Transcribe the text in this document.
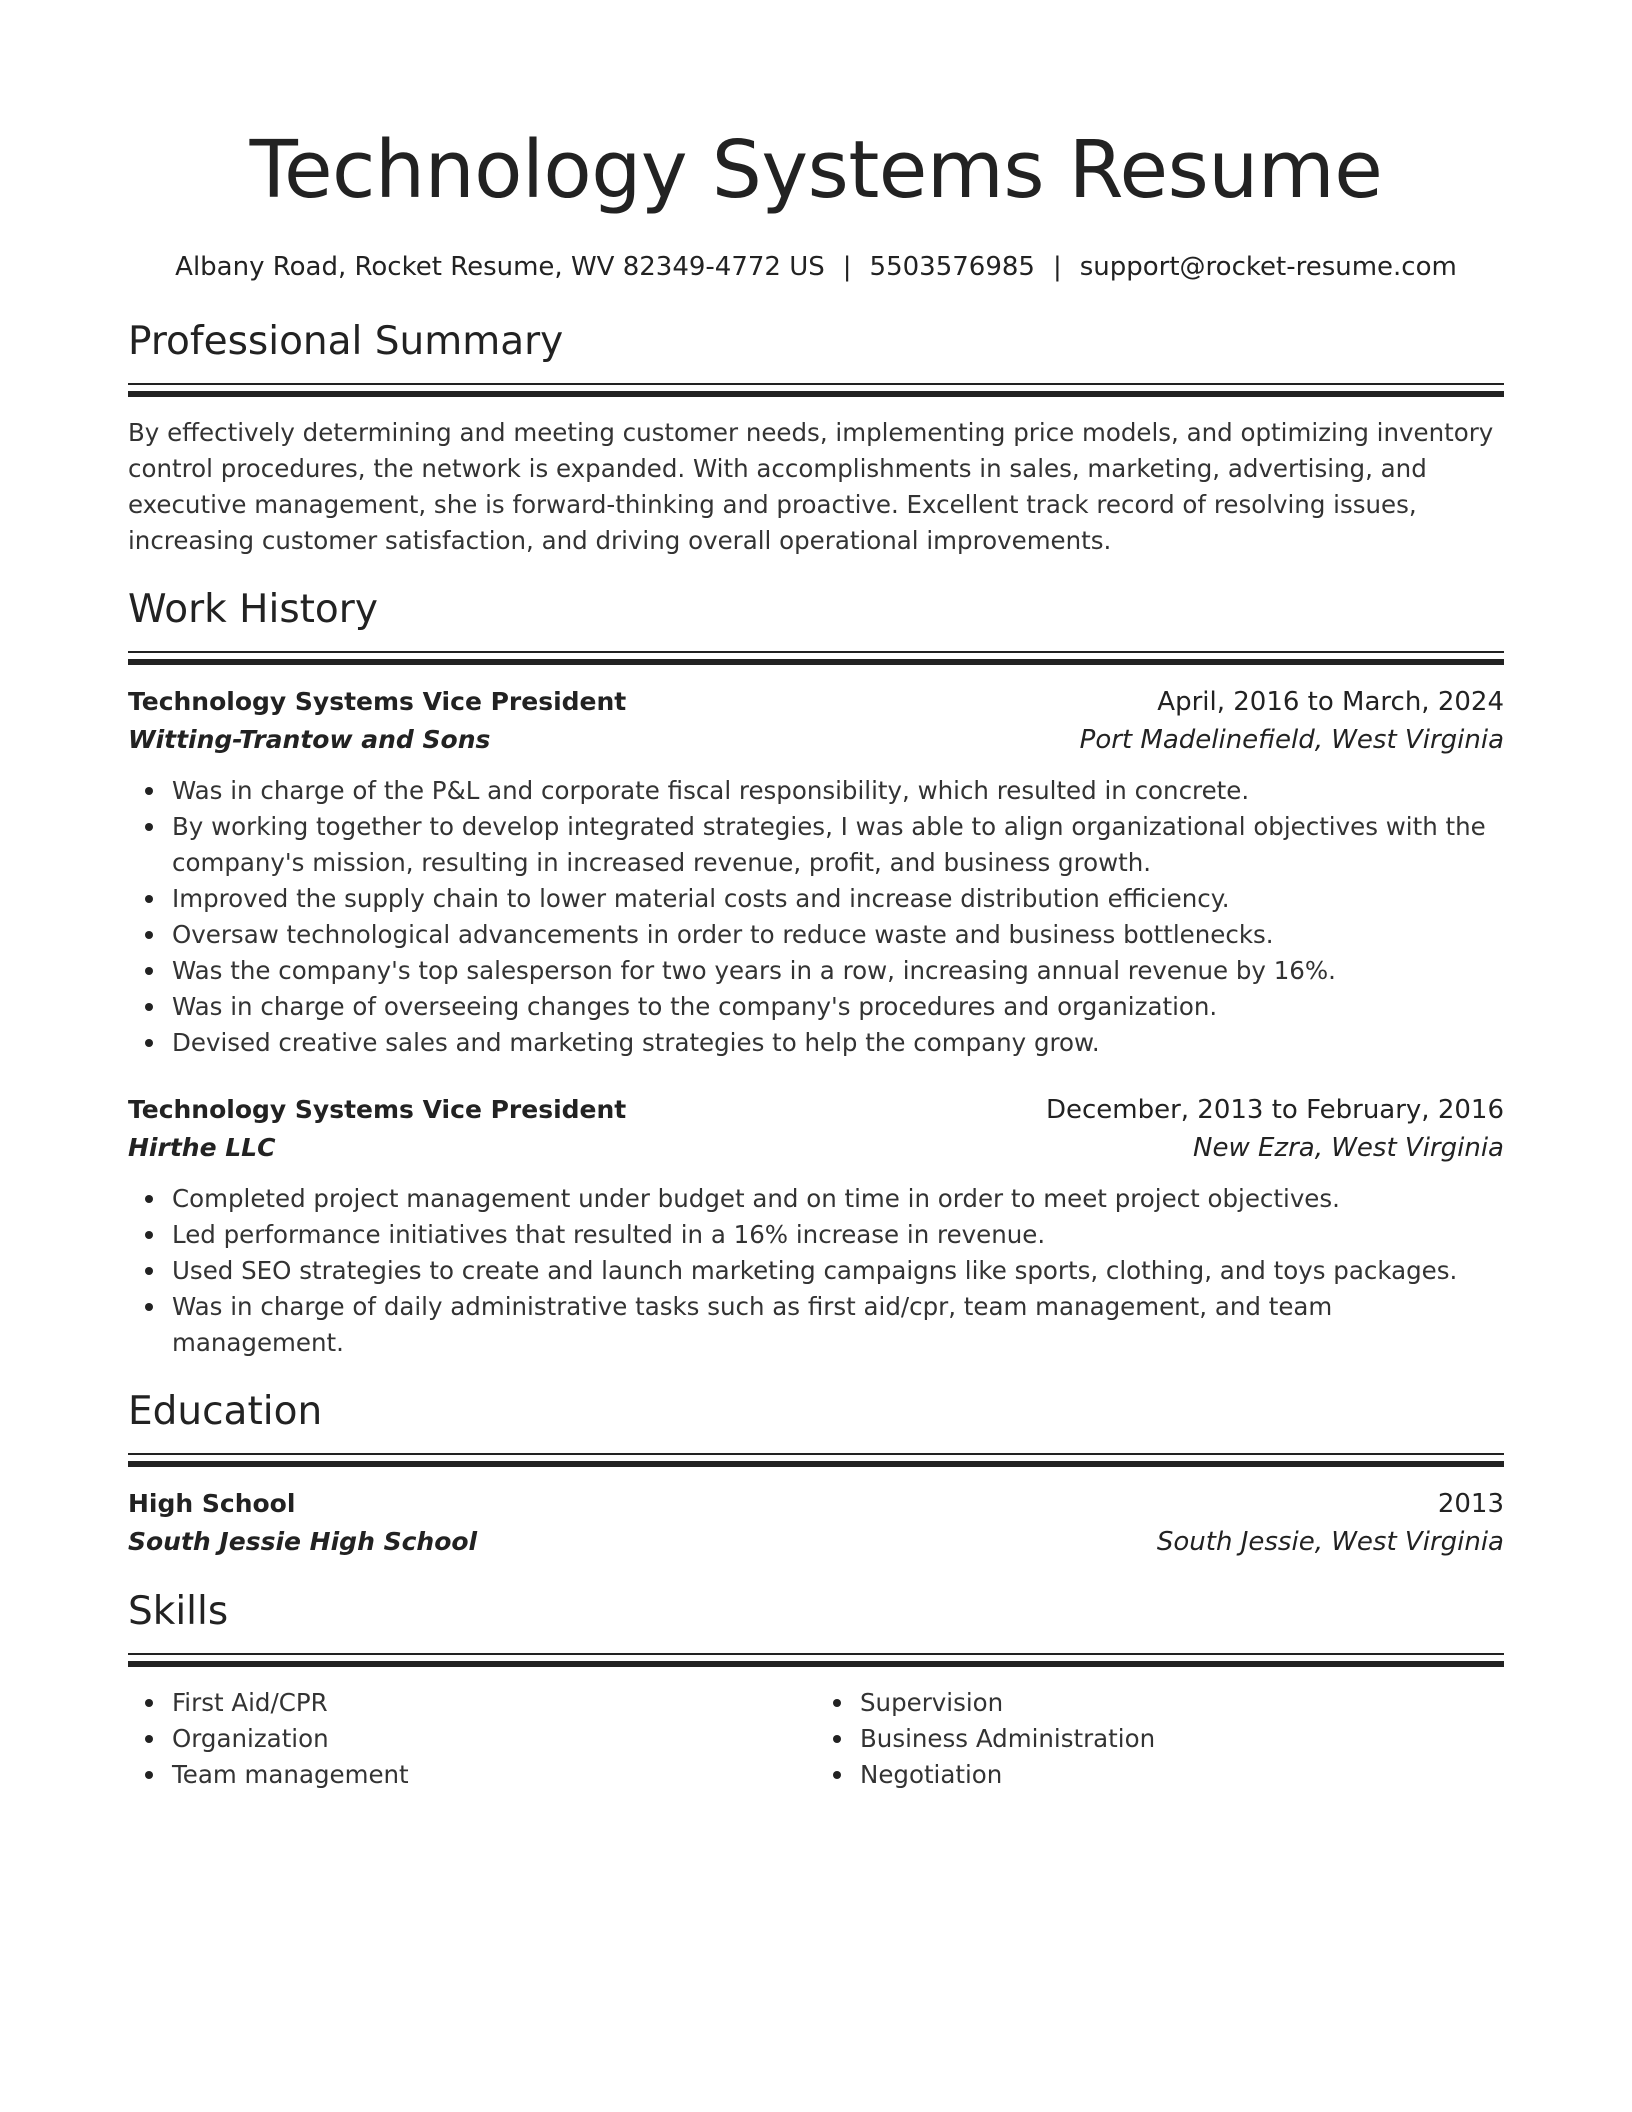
Technology Systems Resume
Albany Road, Rocket Resume, WV 82349-4772 US | 5503576985 | support@rocket-resume.com
Professional Summary

By effectively determining and meeting customer needs, implementing price models, and optimizing inventory control procedures, the network is expanded. With accomplishments in sales, marketing, advertising, and executive management, she is forward-thinking and proactive. Excellent track record of resolving issues, increasing customer satisfaction, and driving overall operational improvements.

Work History
Technology Systems Vice President	April, 2016 to March, 2024
Witting-Trantow and Sons	Port Madelinefield, West Virginia
Was in charge of the P&L and corporate fiscal responsibility, which resulted in concrete.
By working together to develop integrated strategies, I was able to align organizational objectives with the company's mission, resulting in increased revenue, profit, and business growth.
Improved the supply chain to lower material costs and increase distribution efficiency.
Oversaw technological advancements in order to reduce waste and business bottlenecks.
Was the company's top salesperson for two years in a row, increasing annual revenue by 16%.
Was in charge of overseeing changes to the company's procedures and organization.
Devised creative sales and marketing strategies to help the company grow.
Technology Systems Vice President	December, 2013 to February, 2016
Hirthe LLC	New Ezra, West Virginia
Completed project management under budget and on time in order to meet project objectives.
Led performance initiatives that resulted in a 16% increase in revenue.
Used SEO strategies to create and launch marketing campaigns like sports, clothing, and toys packages.
Was in charge of daily administrative tasks such as first aid/cpr, team management, and team management.
Education
High School	2013
South Jessie High School	South Jessie, West Virginia
Skills
First Aid/CPR
Organization
Team management
Supervision
Business Administration
Negotiation
